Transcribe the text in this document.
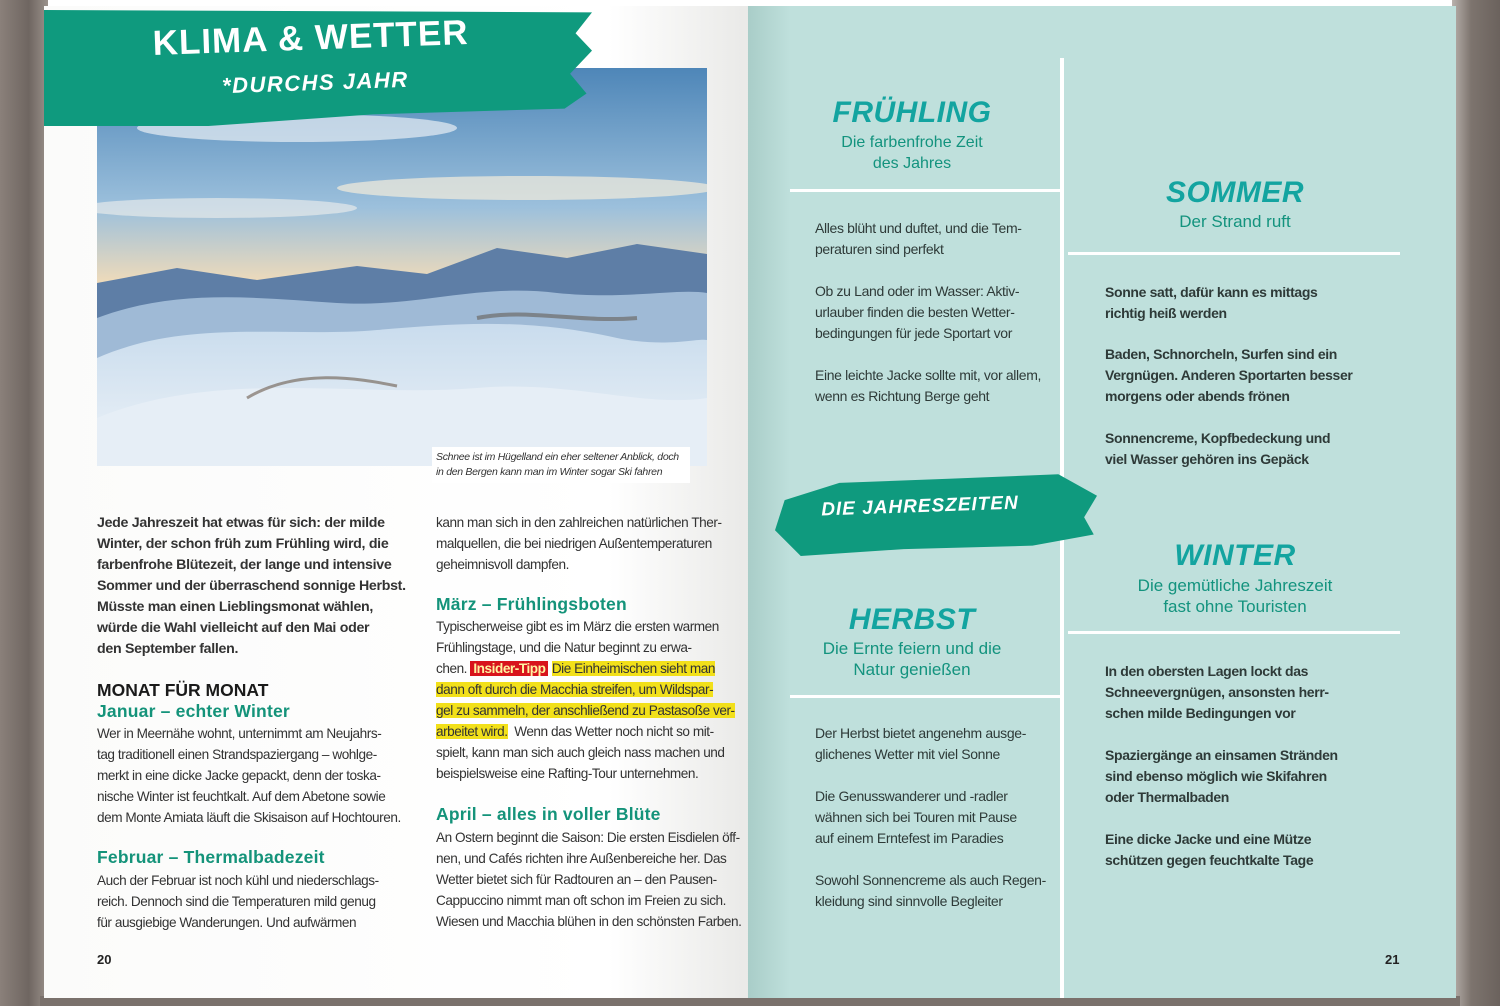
KLIMA & WETTER
*DURCHS JAHR
Schnee ist im Hügelland ein eher seltener Anblick, doch
in den Bergen kann man im Winter sogar Ski fahren
Jede Jahreszeit hat etwas für sich: der milde
Winter, der schon früh zum Frühling wird, die
farbenfrohe Blütezeit, der lange und intensive
Sommer und der überraschend sonnige Herbst.
Müsste man einen Lieblingsmonat wählen,
würde die Wahl vielleicht auf den Mai oder
den September fallen.
MONAT FÜR MONAT
Januar – echter Winter
Wer in Meernähe wohnt, unternimmt am Neujahrs-
tag traditionell einen Strandspaziergang – wohlge-
merkt in eine dicke Jacke gepackt, denn der toska-
nische Winter ist feuchtkalt. Auf dem Abetone sowie
dem Monte Amiata läuft die Skisaison auf Hochtouren.
Februar – Thermalbadezeit
Auch der Februar ist noch kühl und niederschlags-
reich. Dennoch sind die Temperaturen mild genug
für ausgiebige Wanderungen. Und aufwärmen
kann man sich in den zahlreichen natürlichen Ther-
malquellen, die bei niedrigen Außentemperaturen
geheimnisvoll dampfen.
März – Frühlingsboten
Typischerweise gibt es im März die ersten warmen
Frühlingstage, und die Natur beginnt zu erwa-
chen. Insider-Tipp Die Einheimischen sieht man
dann oft durch die Macchia streifen, um Wildspar-
gel zu sammeln, der anschließend zu Pastasoße ver-
arbeitet wird. Wenn das Wetter noch nicht so mit-
spielt, kann man sich auch gleich nass machen und
beispielsweise eine Rafting-Tour unternehmen.
April – alles in voller Blüte
An Ostern beginnt die Saison: Die ersten Eisdielen öff-
nen, und Cafés richten ihre Außenbereiche her. Das
Wetter bietet sich für Radtouren an – den Pausen-
Cappuccino nimmt man oft schon im Freien zu sich.
Wiesen und Macchia blühen in den schönsten Farben.
20
FRÜHLING
Die farbenfrohe Zeit
des Jahres
Alles blüht und duftet, und die Tem-
peraturen sind perfekt
Ob zu Land oder im Wasser: Aktiv-
urlauber finden die besten Wetter-
bedingungen für jede Sportart vor
Eine leichte Jacke sollte mit, vor allem,
wenn es Richtung Berge geht
SOMMER
Der Strand ruft
Sonne satt, dafür kann es mittags
richtig heiß werden
Baden, Schnorcheln, Surfen sind ein
Vergnügen. Anderen Sportarten besser
morgens oder abends frönen
Sonnencreme, Kopfbedeckung und
viel Wasser gehören ins Gepäck
DIE JAHRESZEITEN
HERBST
Die Ernte feiern und die
Natur genießen
Der Herbst bietet angenehm ausge-
glichenes Wetter mit viel Sonne
Die Genusswanderer und -radler
wähnen sich bei Touren mit Pause
auf einem Erntefest im Paradies
Sowohl Sonnencreme als auch Regen-
kleidung sind sinnvolle Begleiter
WINTER
Die gemütliche Jahreszeit
fast ohne Touristen
In den obersten Lagen lockt das
Schneevergnügen, ansonsten herr-
schen milde Bedingungen vor
Spaziergänge an einsamen Stränden
sind ebenso möglich wie Skifahren
oder Thermalbaden
Eine dicke Jacke und eine Mütze
schützen gegen feuchtkalte Tage
21
